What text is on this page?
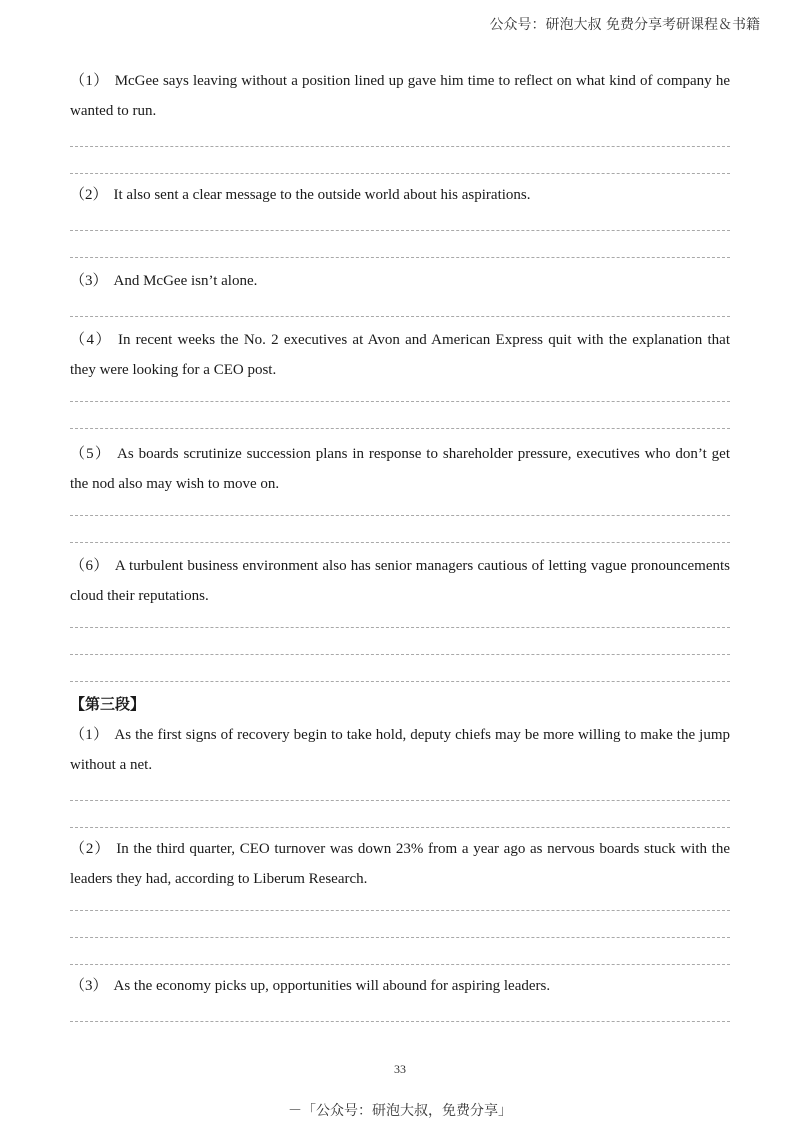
公众号：研泡大叔 免费分享考研课程＆书籍

（1） McGee says leaving without a position lined up gave him time to reflect on what kind of company he wanted to run.

（2） It also sent a clear message to the outside world about his aspirations.

（3） And McGee isn’t alone.

（4） In recent weeks the No. 2 executives at Avon and American Express quit with the explanation that they were looking for a CEO post.

（5） As boards scrutinize succession plans in response to shareholder pressure, executives who don’t get the nod also may wish to move on.

（6） A turbulent business environment also has senior managers cautious of letting vague pronouncements cloud their reputations.

【第三段】

（1） As the first signs of recovery begin to take hold, deputy chiefs may be more willing to make the jump without a net.

（2） In the third quarter, CEO turnover was down 23% from a year ago as nervous boards stuck with the leaders they had, according to Liberum Research.

（3） As the economy picks up, opportunities will abound for aspiring leaders.

33
－「公众号：研泡大叔，免费分享」
